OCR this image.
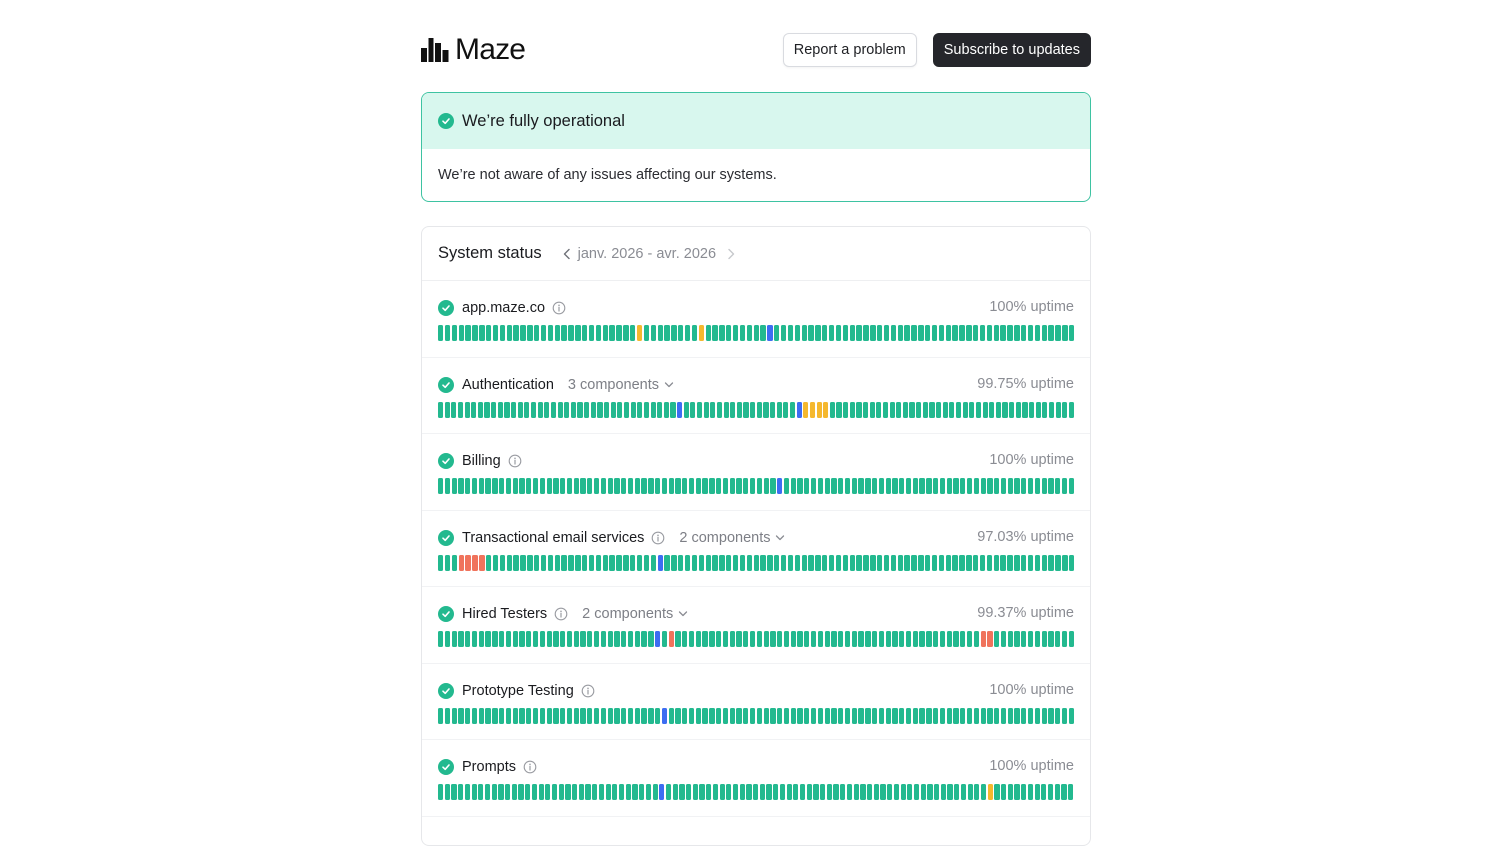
Maze	Report a problem	Subscribe to updates
We’re fully operational
We’re not aware of any issues affecting our systems.
System status janv. 2026 - avr. 2026
app.maze.co	100% uptime
Authentication 3 components	99.75% uptime
Billing	100% uptime
Transactional email services 2 components	97.03% uptime
Hired Testers 2 components	99.37% uptime
Prototype Testing	100% uptime
Prompts	100% uptime
